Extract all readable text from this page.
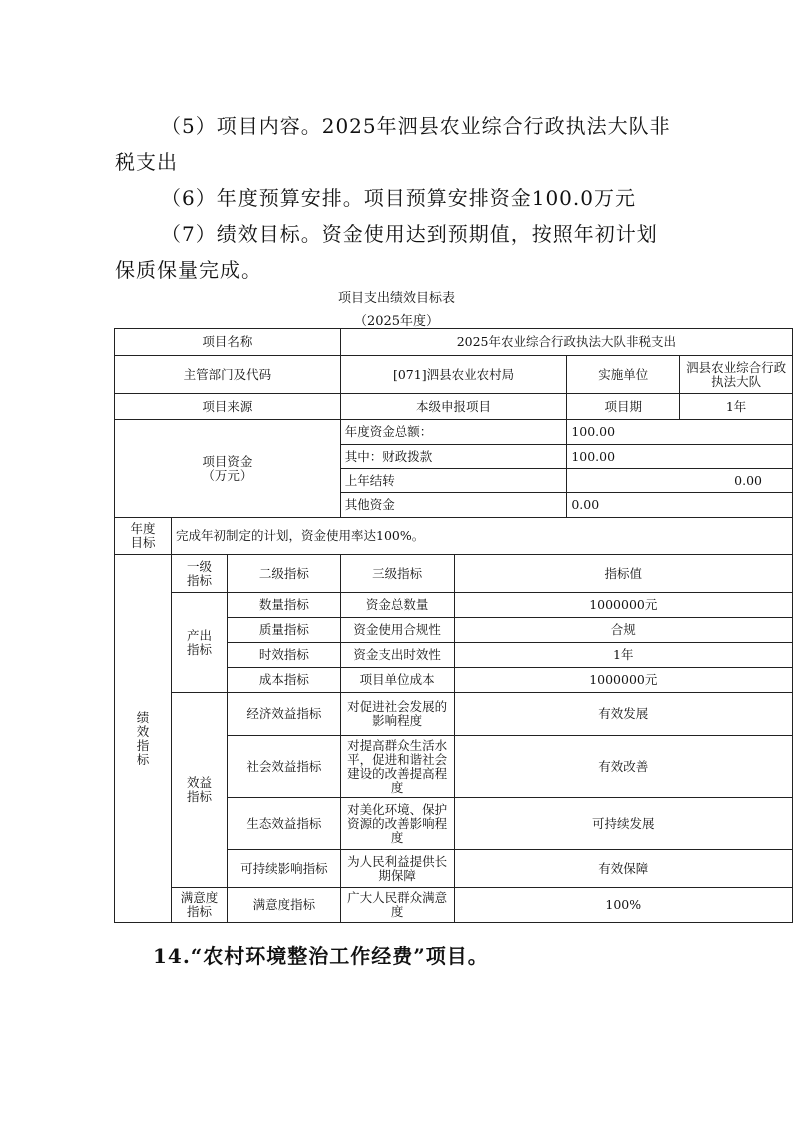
（5）项目内容。2025年泗县农业综合行政执法大队非税支出
（6）年度预算安排。项目预算安排资金100.0万元
（7）绩效目标。资金使用达到预期值，按照年初计划保质保量完成。
项目支出绩效目标表
（2025年度）
项目名称			2025年农业综合行政执法大队非税支出			
主管部门及代码			[071]泗县农业农村局		实施单位	泗县农业综合行政执法大队
项目来源			本级申报项目		项目期	1年
项目资金
（万元）			年度资金总额：		100.00	
			其中：财政拨款		100.00	
			上年结转		0.00	
			其他资金		0.00	
年度目标	完成年初制定的计划，资金使用率达100%。					
绩效指标	一级指标	二级指标	三级指标	指标值		
	产出指标	数量指标	资金总数量	1000000元		
		质量指标	资金使用合规性	合规		
		时效指标	资金支出时效性	1年		
		成本指标	项目单位成本	1000000元		
	效益指标	经济效益指标	对促进社会发展的影响程度	有效发展		
		社会效益指标	对提高群众生活水平，促进和谐社会建设的改善提高程度	有效改善		
		生态效益指标	对美化环境、保护资源的改善影响程度	可持续发展		
		可持续影响指标	为人民利益提供长期保障	有效保障		
	满意度指标	满意度指标	广大人民群众满意度	100%		
14.“农村环境整治工作经费”项目。
